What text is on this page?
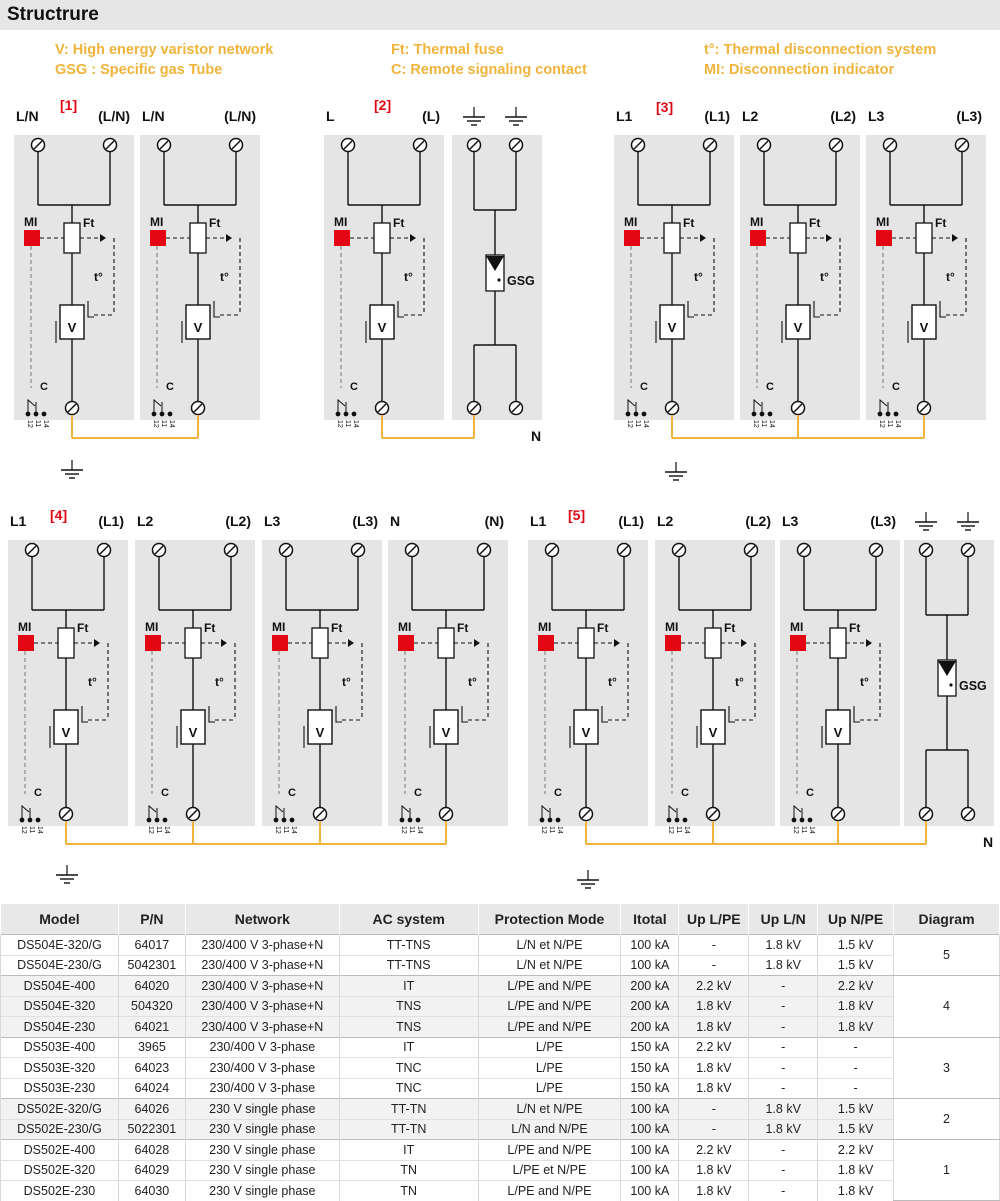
Structrure
V: High energy varistor network
GSG : Specific gas Tube
Ft: Thermal fuse
C: Remote signaling contact
t°: Thermal disconnection system
MI: Disconnection indicator
[1]
L/N	(L/N)
Ft
MI
t°
V
C
12 11 14
L/N	(L/N)
Ft
MI
t°
V
C
12 11 14
[2]
L	(L)
Ft
MI
t°
V
C
12 11 14
GSG
N
[3]
L1	(L1)
Ft
MI
t°
V
C
12 11 14
L2	(L2)
Ft
MI
t°
V
C
12 11 14
L3	(L3)
Ft
MI
t°
V
C
12 11 14
[4]
L1	(L1)
Ft
MI
t°
V
C
12 11 14
L2	(L2)
Ft
MI
t°
V
C
12 11 14
L3	(L3)
Ft
MI
t°
V
C
12 11 14
N	(N)
Ft
MI
t°
V
C
12 11 14
[5]
L1	(L1)
Ft
MI
t°
V
C
12 11 14
L2	(L2)
Ft
MI
t°
V
C
12 11 14
L3	(L3)
Ft
MI
t°
V
C
12 11 14
GSG
N
Model	P/N	Network	AC system	Protection Mode	Itotal	Up L/PE	Up L/N	Up N/PE	Diagram
DS504E-320/G	64017	230/400 V 3-phase+N	TT-TNS	L/N et N/PE	100 kA	-	1.8 kV	1.5 kV	5
DS504E-230/G	5042301	230/400 V 3-phase+N	TT-TNS	L/N et N/PE	100 kA	-	1.8 kV	1.5 kV	
DS504E-400	64020	230/400 V 3-phase+N	IT	L/PE and N/PE	200 kA	2.2 kV	-	2.2 kV	4
DS504E-320	504320	230/400 V 3-phase+N	TNS	L/PE and N/PE	200 kA	1.8 kV	-	1.8 kV	
DS504E-230	64021	230/400 V 3-phase+N	TNS	L/PE and N/PE	200 kA	1.8 kV	-	1.8 kV	
DS503E-400	3965	230/400 V 3-phase	IT	L/PE	150 kA	2.2 kV	-	-	3
DS503E-320	64023	230/400 V 3-phase	TNC	L/PE	150 kA	1.8 kV	-	-	
DS503E-230	64024	230/400 V 3-phase	TNC	L/PE	150 kA	1.8 kV	-	-	
DS502E-320/G	64026	230 V single phase	TT-TN	L/N et N/PE	100 kA	-	1.8 kV	1.5 kV	2
DS502E-230/G	5022301	230 V single phase	TT-TN	L/N and N/PE	100 kA	-	1.8 kV	1.5 kV	
DS502E-400	64028	230 V single phase	IT	L/PE and N/PE	100 kA	2.2 kV	-	2.2 kV	1
DS502E-320	64029	230 V single phase	TN	L/PE et N/PE	100 kA	1.8 kV	-	1.8 kV	
DS502E-230	64030	230 V single phase	TN	L/PE and N/PE	100 kA	1.8 kV	-	1.8 kV	
